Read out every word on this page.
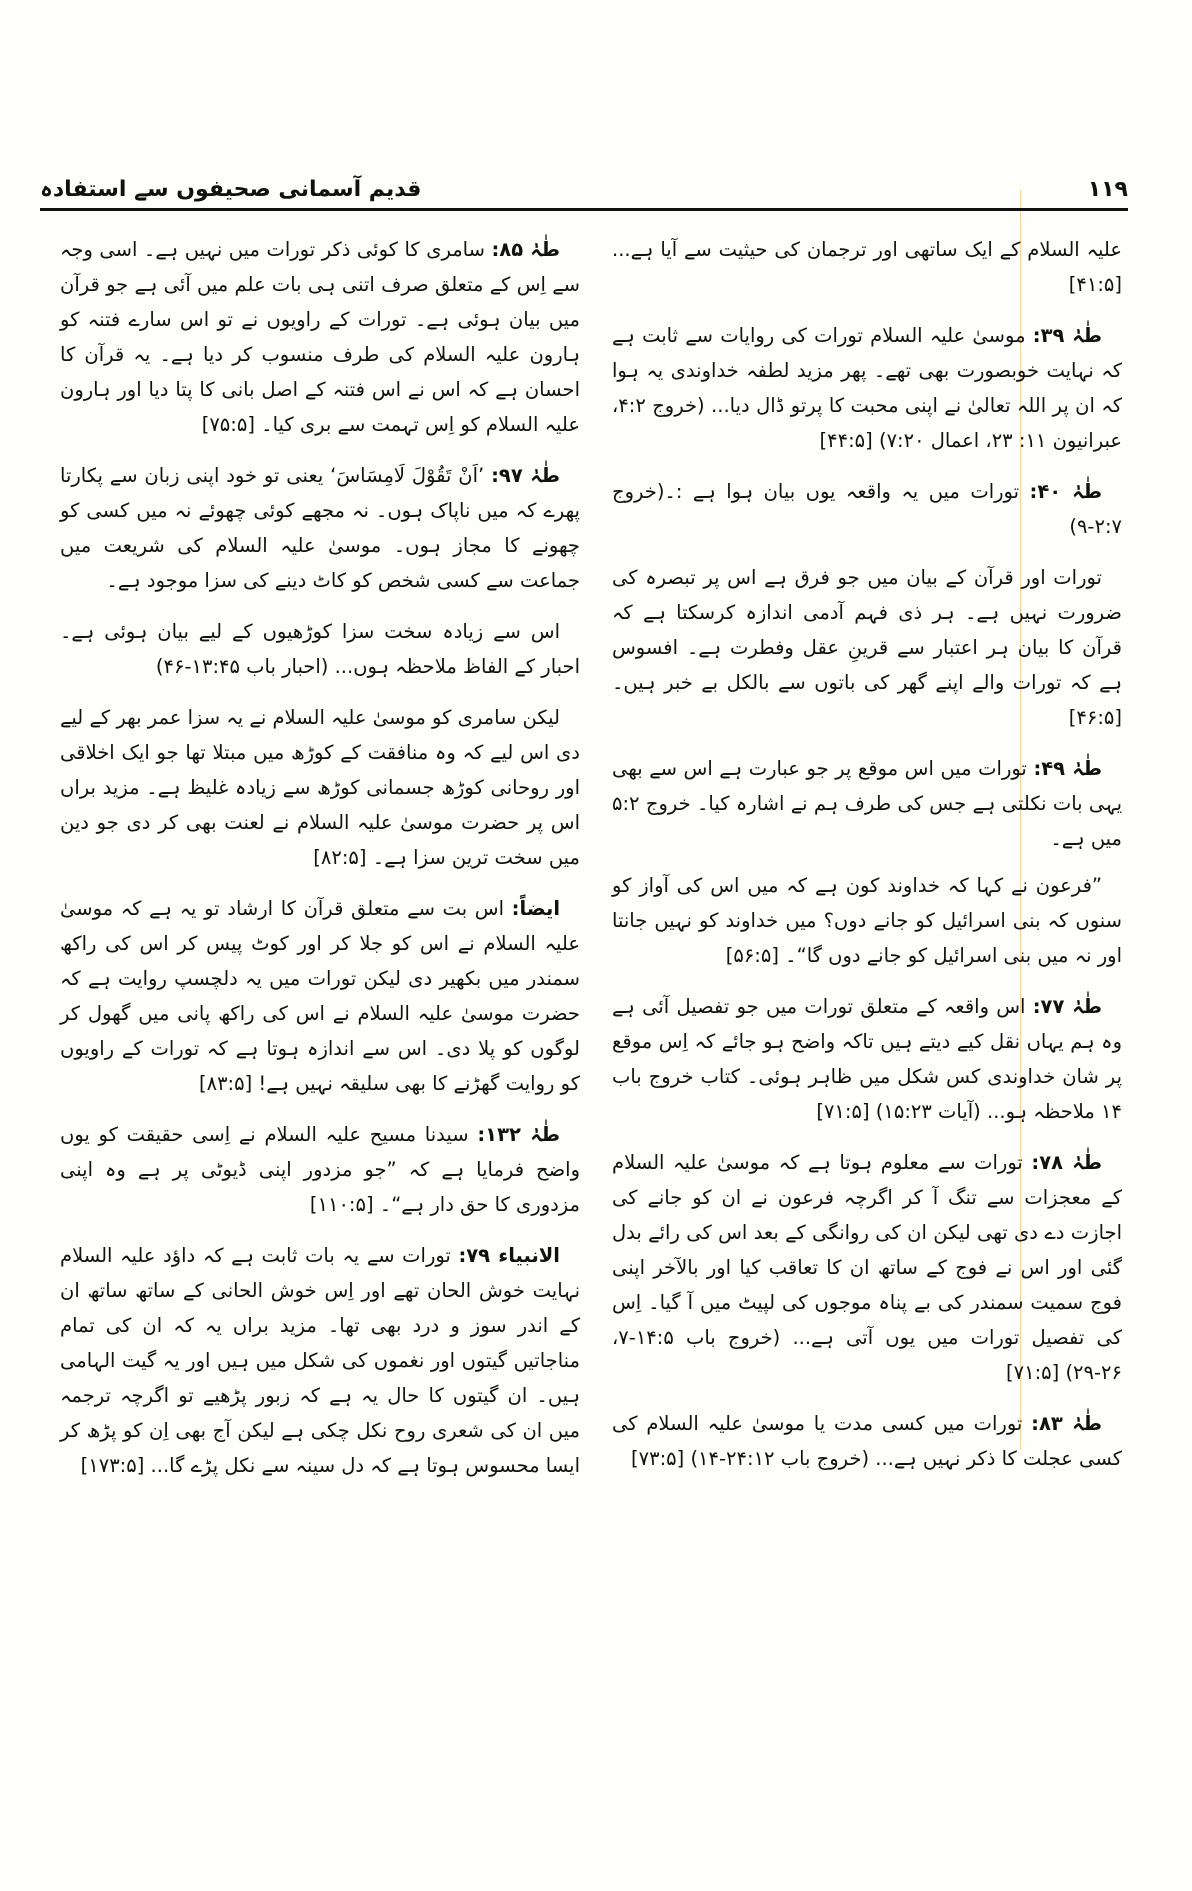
قدیم آسمانی صحیفوں سے استفادہ	۱۱۹

علیہ السلام کے ایک ساتھی اور ترجمان کی حیثیت سے آیا ہے... [۴۱:۵]

طٰہٰ ۳۹: موسیٰ علیہ السلام تورات کی روایات سے ثابت ہے کہ نہایت خوبصورت بھی تھے۔ پھر مزید لطفہ خداوندی یہ ہوا کہ ان پر اللہ تعالیٰ نے اپنی محبت کا پرتو ڈال دیا... (خروج ۴:۲، عبرانیون ۱۱: ۲۳، اعمال ۷:۲۰) [۴۴:۵]

طٰہٰ ۴۰: تورات میں یہ واقعہ یوں بیان ہوا ہے :۔(خروج ۲:۷-۹)

تورات اور قرآن کے بیان میں جو فرق ہے اس پر تبصرہ کی ضرورت نہیں ہے۔ ہر ذی فہم آدمی اندازہ کرسکتا ہے کہ قرآن کا بیان ہر اعتبار سے قرینِ عقل وفطرت ہے۔ افسوس ہے کہ تورات والے اپنے گھر کی باتوں سے بالکل بے خبر ہیں۔ [۴۶:۵]

طٰہٰ ۴۹: تورات میں اس موقع پر جو عبارت ہے اس سے بھی یہی بات نکلتی ہے جس کی طرف ہم نے اشارہ کیا۔ خروج ۵:۲ میں ہے۔

”فرعون نے کہا کہ خداوند کون ہے کہ میں اس کی آواز کو سنوں کہ بنی اسرائیل کو جانے دوں؟ میں خداوند کو نہیں جانتا اور نہ میں بنی اسرائیل کو جانے دوں گا“۔ [۵۶:۵]

طٰہٰ ۷۷: اس واقعہ کے متعلق تورات میں جو تفصیل آئی ہے وہ ہم یہاں نقل کیے دیتے ہیں تاکہ واضح ہو جائے کہ اِس موقع پر شان خداوندی کس شکل میں ظاہر ہوئی۔ کتاب خروج باب ۱۴ ملاحظہ ہو... (آیات ۱۵:۲۳) [۷۱:۵]

طٰہٰ ۷۸: تورات سے معلوم ہوتا ہے کہ موسیٰ علیہ السلام کے معجزات سے تنگ آ کر اگرچہ فرعون نے ان کو جانے کی اجازت دے دی تھی لیکن ان کی روانگی کے بعد اس کی رائے بدل گئی اور اس نے فوج کے ساتھ ان کا تعاقب کیا اور بالآخر اپنی فوج سمیت سمندر کی بے پناہ موجوں کی لپیٹ میں آ گیا۔ اِس کی تفصیل تورات میں یوں آتی ہے... (خروج باب ۱۴:۵-۷، ۲۶-۲۹) [۷۱:۵]

طٰہٰ ۸۳: تورات میں کسی مدت یا موسیٰ علیہ السلام کی کسی عجلت کا ذکر نہیں ہے... (خروج باب ۲۴:۱۲-۱۴) [۷۳:۵]

طٰہٰ ۸۵: سامری کا کوئی ذکر تورات میں نہیں ہے۔ اسی وجہ سے اِس کے متعلق صرف اتنی ہی بات علم میں آئی ہے جو قرآن میں بیان ہوئی ہے۔ تورات کے راویوں نے تو اس سارے فتنہ کو ہارون علیہ السلام کی طرف منسوب کر دیا ہے۔ یہ قرآن کا احسان ہے کہ اس نے اس فتنہ کے اصل بانی کا پتا دیا اور ہارون علیہ السلام کو اِس تہمت سے بری کیا۔ [۷۵:۵]

طٰہٰ ۹۷: ’اَنْ تَقُوْلَ لَامِسَاسَ‘ یعنی تو خود اپنی زبان سے پکارتا پھرے کہ میں ناپاک ہوں۔ نہ مجھے کوئی چھوئے نہ میں کسی کو چھونے کا مجاز ہوں۔ موسیٰ علیہ السلام کی شریعت میں جماعت سے کسی شخص کو کاٹ دینے کی سزا موجود ہے۔

اس سے زیادہ سخت سزا کوڑھیوں کے لیے بیان ہوئی ہے۔ احبار کے الفاظ ملاحظہ ہوں... (احبار باب ۱۳:۴۵-۴۶)

لیکن سامری کو موسیٰ علیہ السلام نے یہ سزا عمر بھر کے لیے دی اس لیے کہ وہ منافقت کے کوڑھ میں مبتلا تھا جو ایک اخلاقی اور روحانی کوڑھ جسمانی کوڑھ سے زیادہ غلیظ ہے۔ مزید براں اس پر حضرت موسیٰ علیہ السلام نے لعنت بھی کر دی جو دین میں سخت ترین سزا ہے۔ [۸۲:۵]

ایضاً: اس بت سے متعلق قرآن کا ارشاد تو یہ ہے کہ موسیٰ علیہ السلام نے اس کو جلا کر اور کوٹ پیس کر اس کی راکھ سمندر میں بکھیر دی لیکن تورات میں یہ دلچسپ روایت ہے کہ حضرت موسیٰ علیہ السلام نے اس کی راکھ پانی میں گھول کر لوگوں کو پلا دی۔ اس سے اندازہ ہوتا ہے کہ تورات کے راویوں کو روایت گھڑنے کا بھی سلیقہ نہیں ہے! [۸۳:۵]

طٰہٰ ۱۳۲: سیدنا مسیح علیہ السلام نے اِسی حقیقت کو یوں واضح فرمایا ہے کہ ”جو مزدور اپنی ڈیوٹی پر ہے وہ اپنی مزدوری کا حق دار ہے“۔ [۱۱۰:۵]

الانبیاء ۷۹: تورات سے یہ بات ثابت ہے کہ داؤد علیہ السلام نہایت خوش الحان تھے اور اِس خوش الحانی کے ساتھ ساتھ ان کے اندر سوز و درد بھی تھا۔ مزید براں یہ کہ ان کی تمام مناجاتیں گیتوں اور نغموں کی شکل میں ہیں اور یہ گیت الہامی ہیں۔ ان گیتوں کا حال یہ ہے کہ زبور پڑھیے تو اگرچہ ترجمہ میں ان کی شعری روح نکل چکی ہے لیکن آج بھی اِن کو پڑھ کر ایسا محسوس ہوتا ہے کہ دل سینہ سے نکل پڑے گا... [۱۷۳:۵]
